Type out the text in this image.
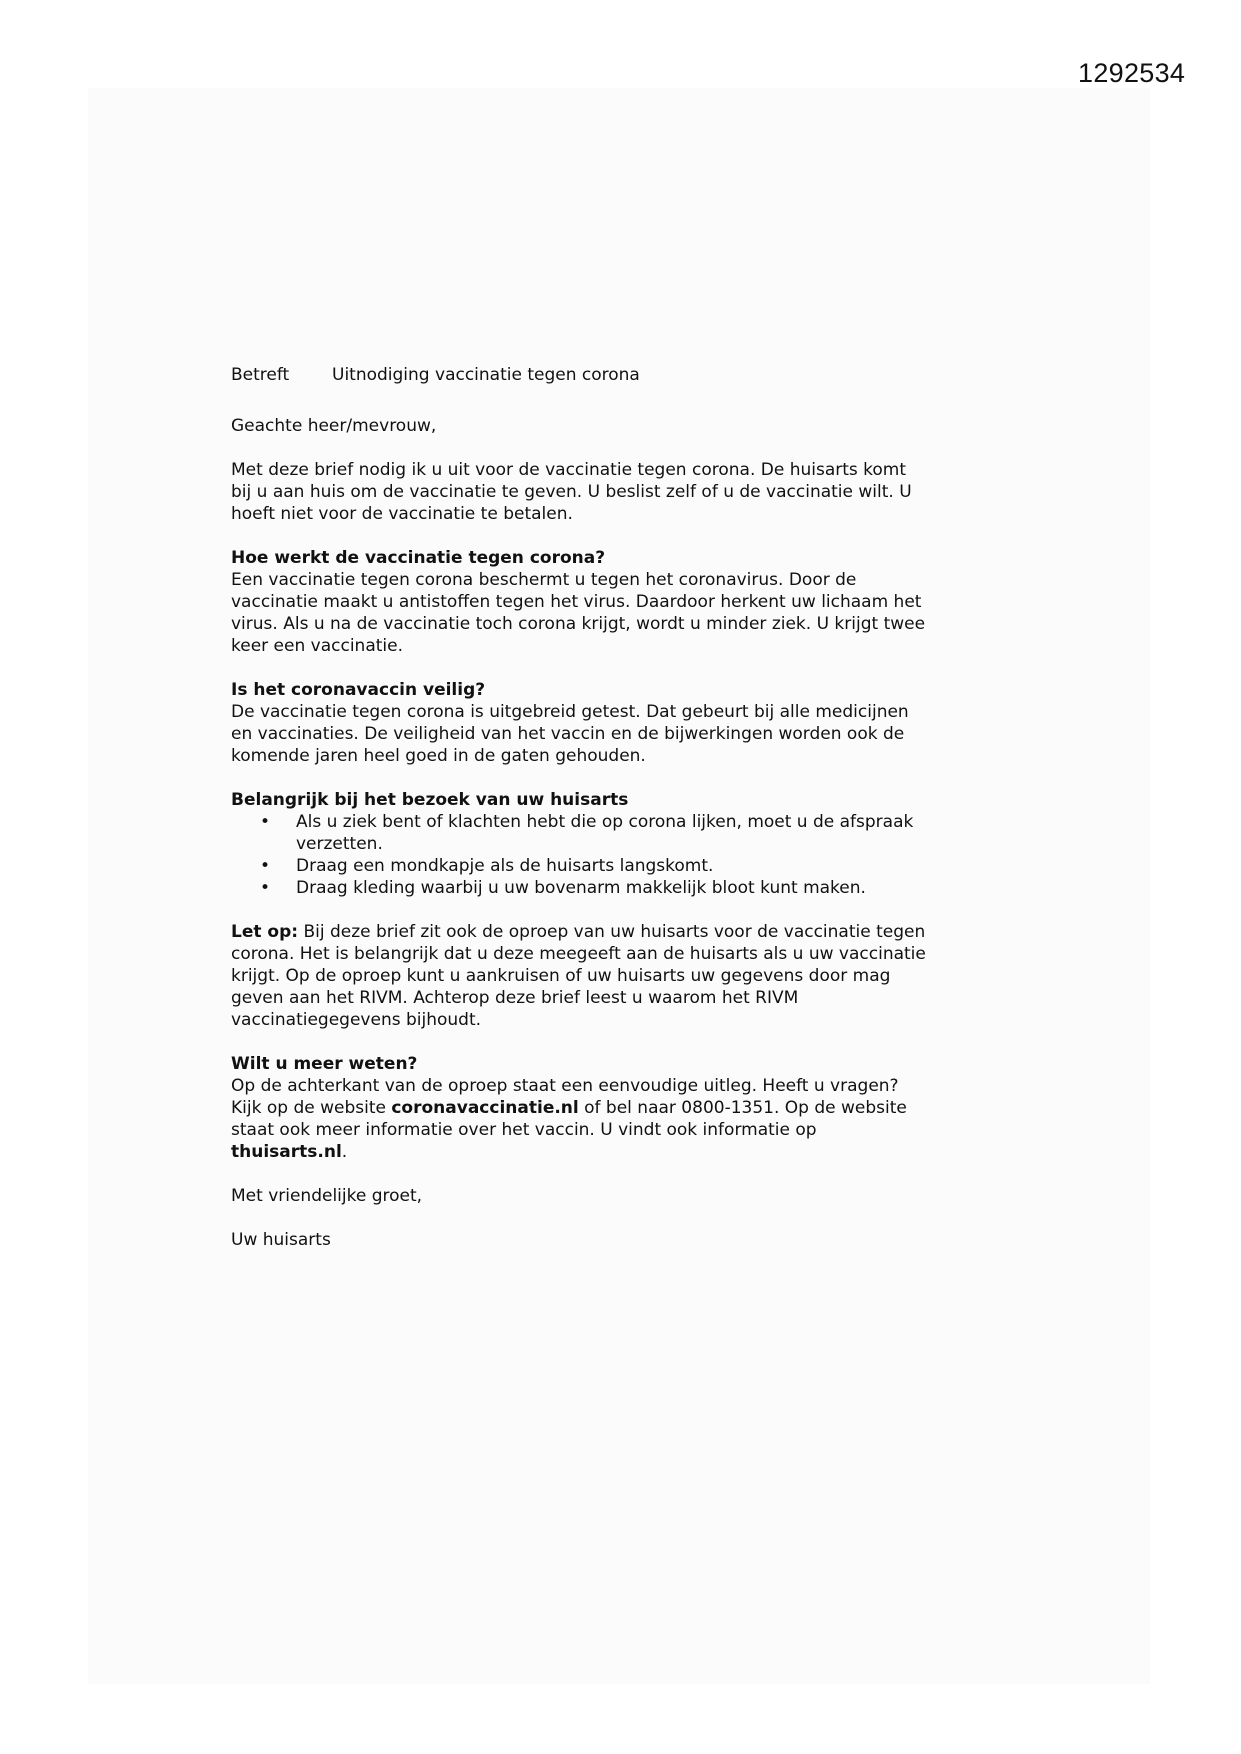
1292534
Betreft	Uitnodiging vaccinatie tegen corona

Geachte heer/mevrouw,

Met deze brief nodig ik u uit voor de vaccinatie tegen corona. De huisarts komt bij u aan huis om de vaccinatie te geven. U beslist zelf of u de vaccinatie wilt. U hoeft niet voor de vaccinatie te betalen.

Hoe werkt de vaccinatie tegen corona?
Een vaccinatie tegen corona beschermt u tegen het coronavirus. Door de vaccinatie maakt u antistoffen tegen het virus. Daardoor herkent uw lichaam het virus. Als u na de vaccinatie toch corona krijgt, wordt u minder ziek. U krijgt twee keer een vaccinatie.

Is het coronavaccin veilig?
De vaccinatie tegen corona is uitgebreid getest. Dat gebeurt bij alle medicijnen en vaccinaties. De veiligheid van het vaccin en de bijwerkingen worden ook de komende jaren heel goed in de gaten gehouden.

Belangrijk bij het bezoek van uw huisarts
• Als u ziek bent of klachten hebt die op corona lijken, moet u de afspraak verzetten.
• Draag een mondkapje als de huisarts langskomt.
• Draag kleding waarbij u uw bovenarm makkelijk bloot kunt maken.

Let op: Bij deze brief zit ook de oproep van uw huisarts voor de vaccinatie tegen corona. Het is belangrijk dat u deze meegeeft aan de huisarts als u uw vaccinatie krijgt. Op de oproep kunt u aankruisen of uw huisarts uw gegevens door mag geven aan het RIVM. Achterop deze brief leest u waarom het RIVM vaccinatiegegevens bijhoudt.

Wilt u meer weten?
Op de achterkant van de oproep staat een eenvoudige uitleg. Heeft u vragen? Kijk op de website coronavaccinatie.nl of bel naar 0800-1351. Op de website staat ook meer informatie over het vaccin. U vindt ook informatie op thuisarts.nl.

Met vriendelijke groet,

Uw huisarts
